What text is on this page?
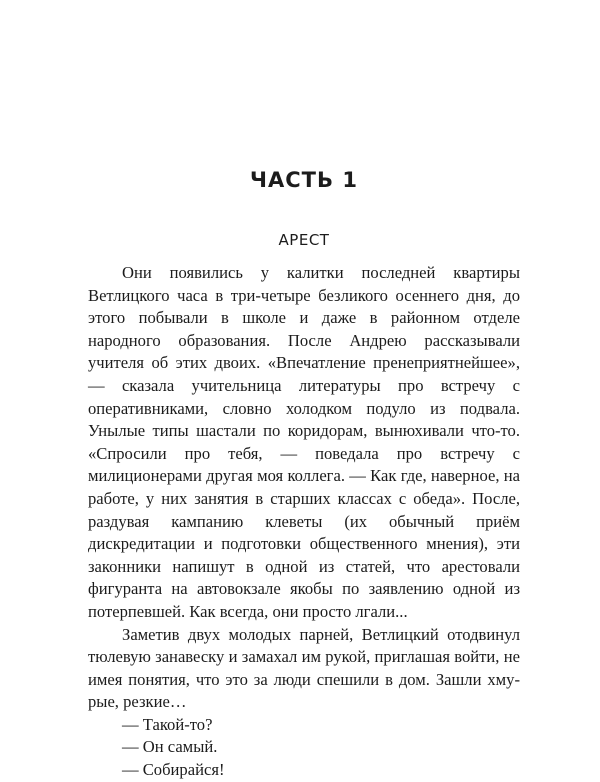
ЧАСТЬ 1
АРЕСТ

Они появились у калитки последней квартиры Ветлицкого часа в три-четыре безликого осеннего дня, до этого побывали в школе и даже в районном отделе народного образования. После Андрею рассказывали учителя об этих двоих. «Впечатление пренеприятнейшее», — сказала учительница литературы про встречу с оперативниками, словно холодком подуло из подвала. Унылые типы шастали по коридорам, вынюхивали что-то. «Спросили про тебя, — поведала про встречу с милиционерами другая моя коллега. — Как где, наверное, на работе, у них занятия в старших классах с обеда». После, раздувая кампанию клеветы (их обычный приём дискредитации и подготовки общественного мнения), эти законники напишут в одной из статей, что арестовали фигуранта на автовокзале якобы по заявлению одной из потерпевшей. Как всегда, они просто лгали...

Заметив двух молодых парней, Ветлицкий отодвинул тюлевую занавеску и замахал им рукой, приглашая войти, не имея понятия, что это за люди спешили в дом. Зашли хмурые, резкие…

— Такой-то?

— Он самый.

— Собирайся!
